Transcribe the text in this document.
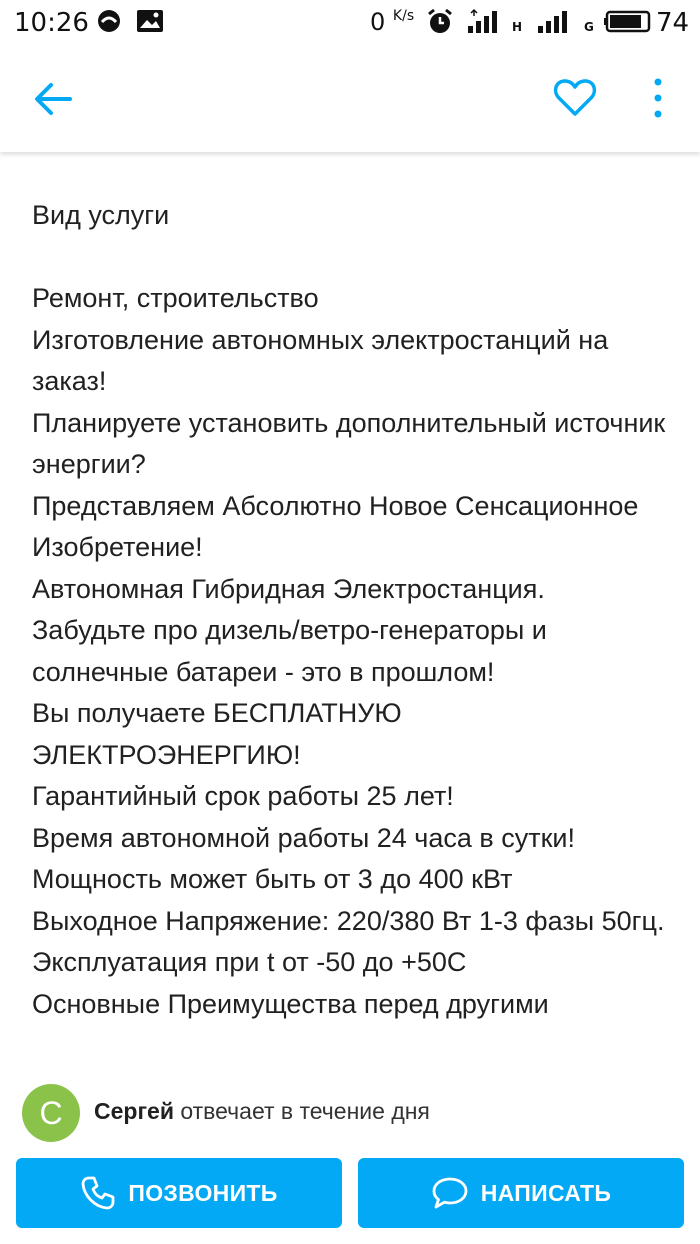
10:26	0 $^{K/s}$
H	G 74

Вид услуги

Ремонт, строительство

Изготовление автономных электростанций на заказ!

Планируете установить дополнительный источник энергии?

Представляем Абсолютно Новое Сенсационное Изобретение!

Автономная Гибридная Электростанция.

Забудьте про дизель/ветро-генераторы и солнечные батареи - это в прошлом!

Вы получаете БЕСПЛАТНУЮ ЭЛЕКТРОЭНЕРГИЮ!

Гарантийный срок работы 25 лет!

Время автономной работы 24 часа в сутки!

Мощность может быть от 3 до 400 кВт

Выходное Напряжение: 220/380 Вт 1-3 фазы 50гц.

Эксплуатация при t от -50 до +50С

Основные Преимущества перед другими

С	Сергей отвечает в течение дня
ПОЗВОНИТЬ	НАПИСАТЬ
